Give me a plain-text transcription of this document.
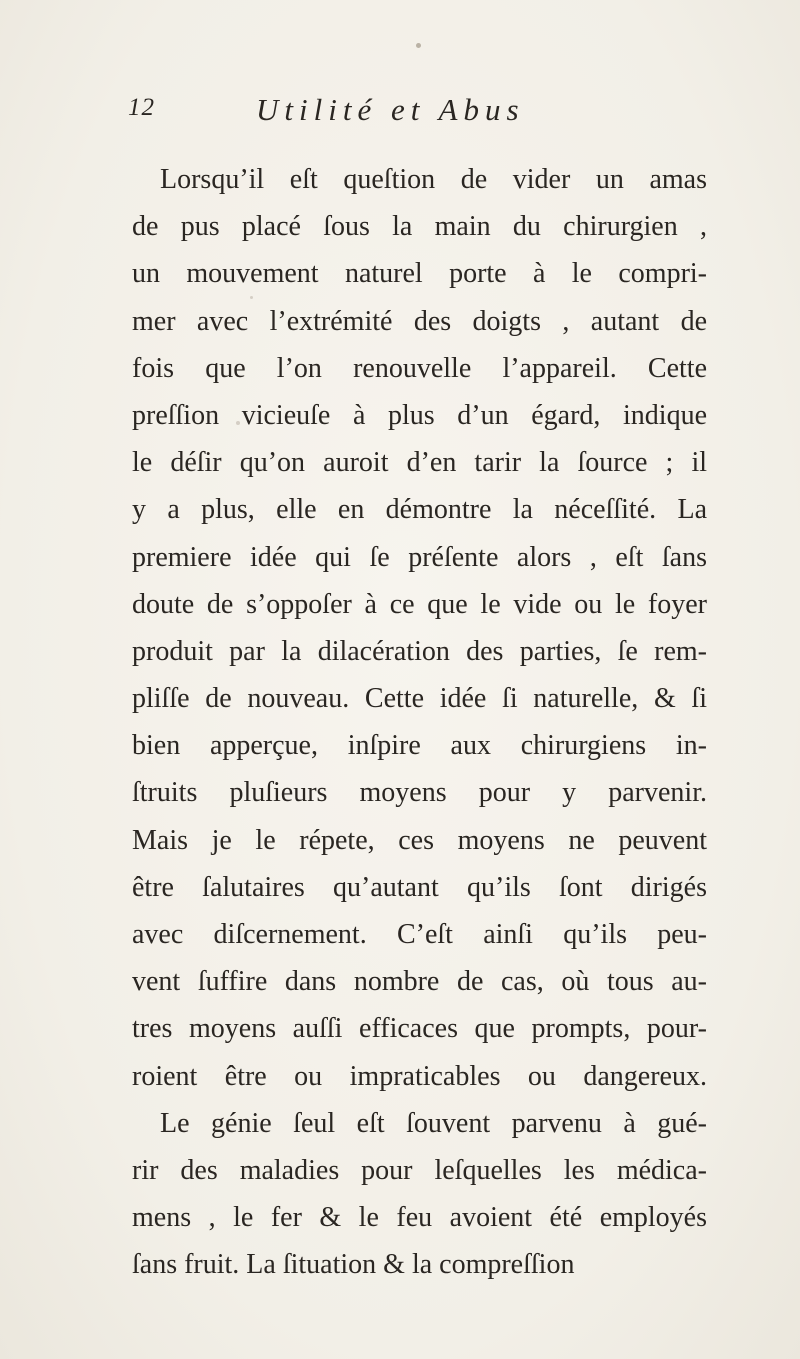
12	Utilité et Abus
Lorsqu’il eſt queſtion de vider un amas
de pus placé ſous la main du chirurgien ,
un mouvement naturel porte à le compri-
mer avec l’extrémité des doigts , autant de
fois que l’on renouvelle l’appareil. Cette
preſſion vicieuſe à plus d’un égard, indique
le déſir qu’on auroit d’en tarir la ſource ; il
y a plus, elle en démontre la néceſſité. La
premiere idée qui ſe préſente alors , eſt ſans
doute de s’oppoſer à ce que le vide ou le foyer
produit par la dilacération des parties, ſe rem-
pliſſe de nouveau. Cette idée ſi naturelle, & ſi
bien apperçue, inſpire aux chirurgiens in-
ſtruits pluſieurs moyens pour y parvenir.
Mais je le répete, ces moyens ne peuvent
être ſalutaires qu’autant qu’ils ſont dirigés
avec diſcernement. C’eſt ainſi qu’ils peu-
vent ſuffire dans nombre de cas, où tous au-
tres moyens auſſi efficaces que prompts, pour-
roient être ou impraticables ou dangereux.
Le génie ſeul eſt ſouvent parvenu à gué-
rir des maladies pour leſquelles les médica-
mens , le fer & le feu avoient été employés
ſans fruit. La ſituation & la compreſſion
